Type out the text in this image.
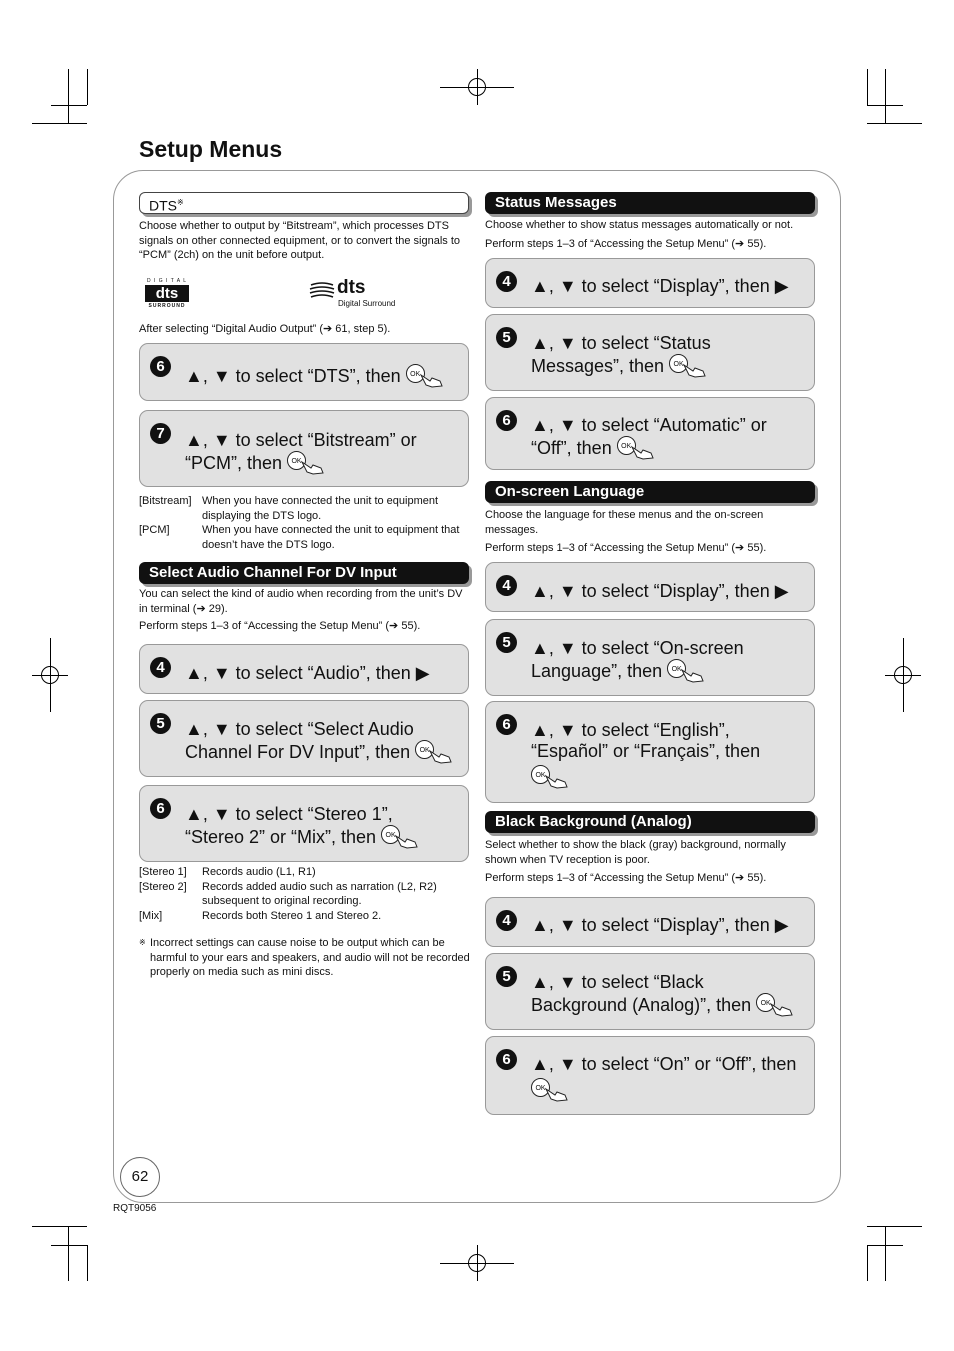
Setup Menus
DTS※
Choose whether to output by “Bitstream”, which processes DTS signals on other connected equipment, or to convert the signals to “PCM” (2ch) on the unit before output.
D I G I T A L
dts
SURROUND
dts
Digital Surround
After selecting “Digital Audio Output” (➔ 61, step 5).
6	▲, ▼ to select “DTS”, then	OK
7	▲, ▼ to select “Bitstream” or
“PCM”, then	OK
[Bitstream] When you have connected the unit to equipment displaying the DTS logo.
[PCM]	When you have connected the unit to equipment that doesn’t have the DTS logo.
Select Audio Channel For DV Input
You can select the kind of audio when recording from the unit’s DV in terminal (➔ 29).
Perform steps 1–3 of “Accessing the Setup Menu” (➔ 55).
4	▲, ▼ to select “Audio”, then ▶
5	▲, ▼ to select “Select Audio
Channel For DV Input”, then	OK
6	▲, ▼ to select “Stereo 1”,
“Stereo 2” or “Mix”, then	OK
[Stereo 1] Records audio (L1, R1)
[Stereo 2] Records added audio such as narration (L2, R2) subsequent to original recording.
[Mix]	Records both Stereo 1 and Stereo 2.
※ Incorrect settings can cause noise to be output which can be harmful to your ears and speakers, and audio will not be recorded properly on media such as mini discs.
Status Messages
Choose whether to show status messages automatically or not.
Perform steps 1–3 of “Accessing the Setup Menu” (➔ 55).
4	▲, ▼ to select “Display”, then ▶
5	▲, ▼ to select “Status
Messages”, then	OK
6	▲, ▼ to select “Automatic” or
“Off”, then	OK
On-screen Language
Choose the language for these menus and the on-screen messages.
Perform steps 1–3 of “Accessing the Setup Menu” (➔ 55).
4	▲, ▼ to select “Display”, then ▶
5	▲, ▼ to select “On-screen
Language”, then	OK
6	▲, ▼ to select “English”,
“Español” or “Français”, then
OK
Black Background (Analog)
Select whether to show the black (gray) background, normally shown when TV reception is poor.
Perform steps 1–3 of “Accessing the Setup Menu” (➔ 55).
4	▲, ▼ to select “Display”, then ▶
5	▲, ▼ to select “Black
Background (Analog)”, then	OK
6	▲, ▼ to select “On” or “Off”, then
OK
62
RQT9056
